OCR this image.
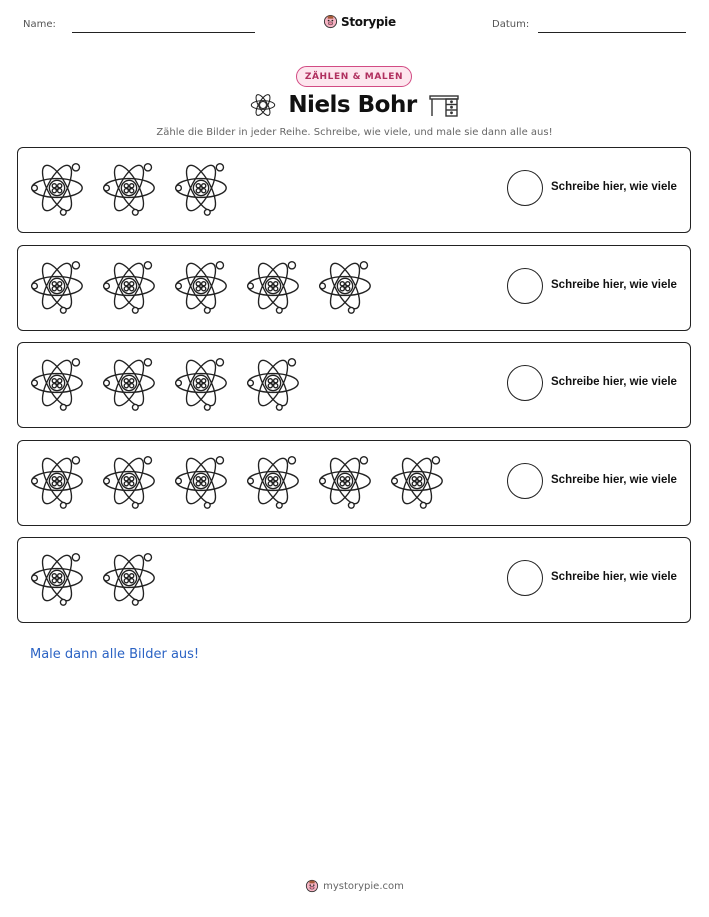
Name:	Storypie	Datum:
ZÄHLEN & MALEN
Niels Bohr
Zähle die Bilder in jeder Reihe. Schreibe, wie viele, und male sie dann alle aus!
Schreibe hier, wie viele
Schreibe hier, wie viele
Schreibe hier, wie viele
Schreibe hier, wie viele
Schreibe hier, wie viele
Male dann alle Bilder aus!
mystorypie.com
